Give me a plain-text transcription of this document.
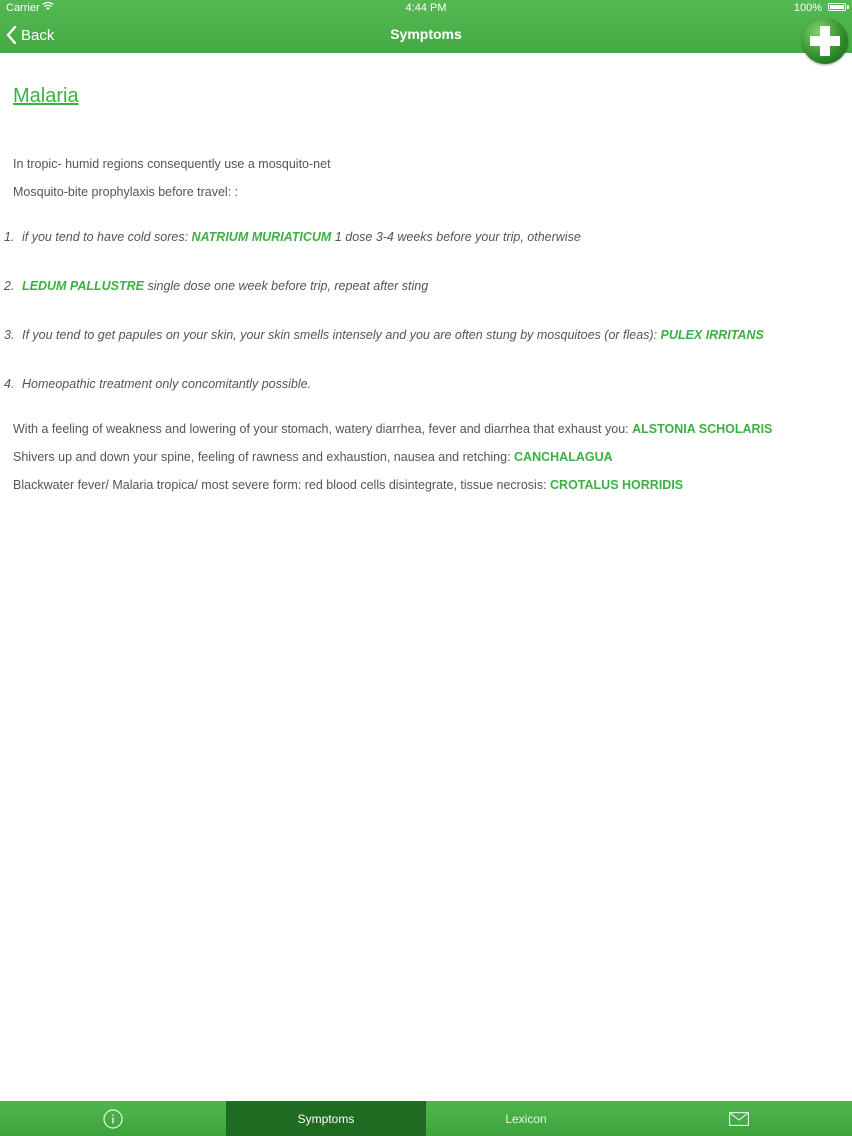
Carrier	4:44 PM	100%
Back	Symptoms
Malaria
In tropic- humid regions consequently use a mosquito-net
Mosquito-bite prophylaxis before travel: :
1. if you tend to have cold sores: NATRIUM MURIATICUM 1 dose 3-4 weeks before your trip, otherwise
2. LEDUM PALLUSTRE single dose one week before trip, repeat after sting
3. If you tend to get papules on your skin, your skin smells intensely and you are often stung by mosquitoes (or fleas): PULEX IRRITANS
4. Homeopathic treatment only concomitantly possible.
With a feeling of weakness and lowering of your stomach, watery diarrhea, fever and diarrhea that exhaust you: ALSTONIA SCHOLARIS
Shivers up and down your spine, feeling of rawness and exhaustion, nausea and retching: CANCHALAGUA
Blackwater fever/ Malaria tropica/ most severe form: red blood cells disintegrate, tissue necrosis: CROTALUS HORRIDIS
Symptoms	Lexicon
